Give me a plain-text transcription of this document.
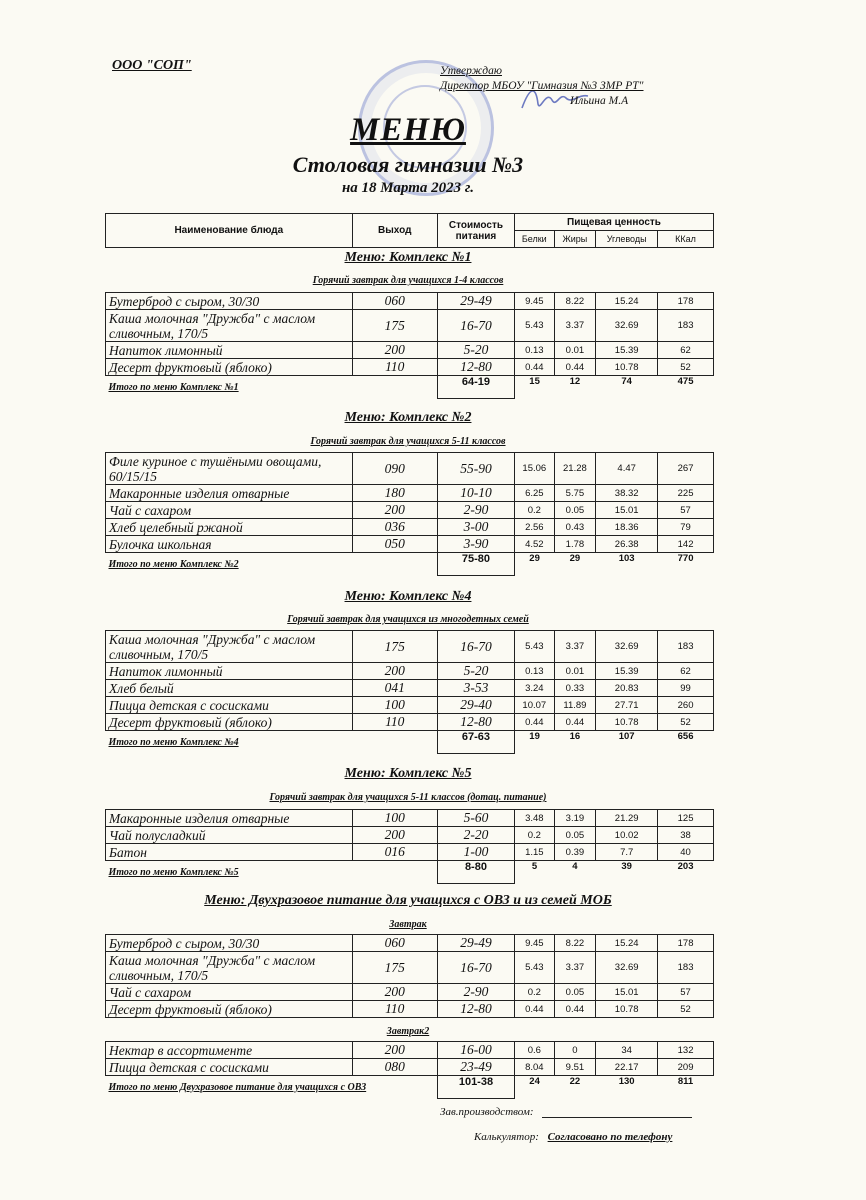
ООО "СОП"	Утверждаю
Директор МБОУ "Гимназия №3 ЗМР РТ"
Ильина М.А
МЕНЮ
Столовая гимназии №3
на 18 Марта 2023 г.
Наименование блюда	Выход	Стоимость питания	Пищевая ценность			
			Белки	Жиры	Углеводы	ККал
Меню: Комплекс №1
Горячий завтрак для учащихся 1-4 классов
Бутерброд с сыром, 30/30	060	29-49	9.45	8.22	15.24	178
Каша молочная "Дружба" с маслом сливочным, 170/5	175	16-70	5.43	3.37	32.69	183
Напиток лимонный	200	5-20	0.13	0.01	15.39	62
Десерт фруктовый (яблоко)	110	12-80	0.44	0.44	10.78	52
Итого по меню Комплекс №1		64-19	15	12	74	475
Меню: Комплекс №2
Горячий завтрак для учащихся 5-11 классов
Филе куриное с тушёными овощами, 60/15/15	090	55-90	15.06	21.28	4.47	267
Макаронные изделия отварные	180	10-10	6.25	5.75	38.32	225
Чай с сахаром	200	2-90	0.2	0.05	15.01	57
Хлеб целебный ржаной	036	3-00	2.56	0.43	18.36	79
Булочка школьная	050	3-90	4.52	1.78	26.38	142
Итого по меню Комплекс №2		75-80	29	29	103	770
Меню: Комплекс №4
Горячий завтрак для учащихся из многодетных семей
Каша молочная "Дружба" с маслом сливочным, 170/5	175	16-70	5.43	3.37	32.69	183
Напиток лимонный	200	5-20	0.13	0.01	15.39	62
Хлеб белый	041	3-53	3.24	0.33	20.83	99
Пицца детская с сосисками	100	29-40	10.07	11.89	27.71	260
Десерт фруктовый (яблоко)	110	12-80	0.44	0.44	10.78	52
Итого по меню Комплекс №4		67-63	19	16	107	656
Меню: Комплекс №5
Горячий завтрак для учащихся 5-11 классов (дотац. питание)
Макаронные изделия отварные	100	5-60	3.48	3.19	21.29	125
Чай полусладкий	200	2-20	0.2	0.05	10.02	38
Батон	016	1-00	1.15	0.39	7.7	40
Итого по меню Комплекс №5		8-80	5	4	39	203
Меню: Двухразовое питание для учащихся с ОВЗ и из семей МОБ
Завтрак
Бутерброд с сыром, 30/30	060	29-49	9.45	8.22	15.24	178
Каша молочная "Дружба" с маслом сливочным, 170/5	175	16-70	5.43	3.37	32.69	183
Чай с сахаром	200	2-90	0.2	0.05	15.01	57
Десерт фруктовый (яблоко)	110	12-80	0.44	0.44	10.78	52
Завтрак2
Нектар в ассортименте	200	16-00	0.6	0	34	132
Пицца детская с сосисками	080	23-49	8.04	9.51	22.17	209
Итого по меню Двухразовое питание для учащихся с ОВЗ		101-38	24	22	130	811
Зав.производством:
Калькулятор: Согласовано по телефону
